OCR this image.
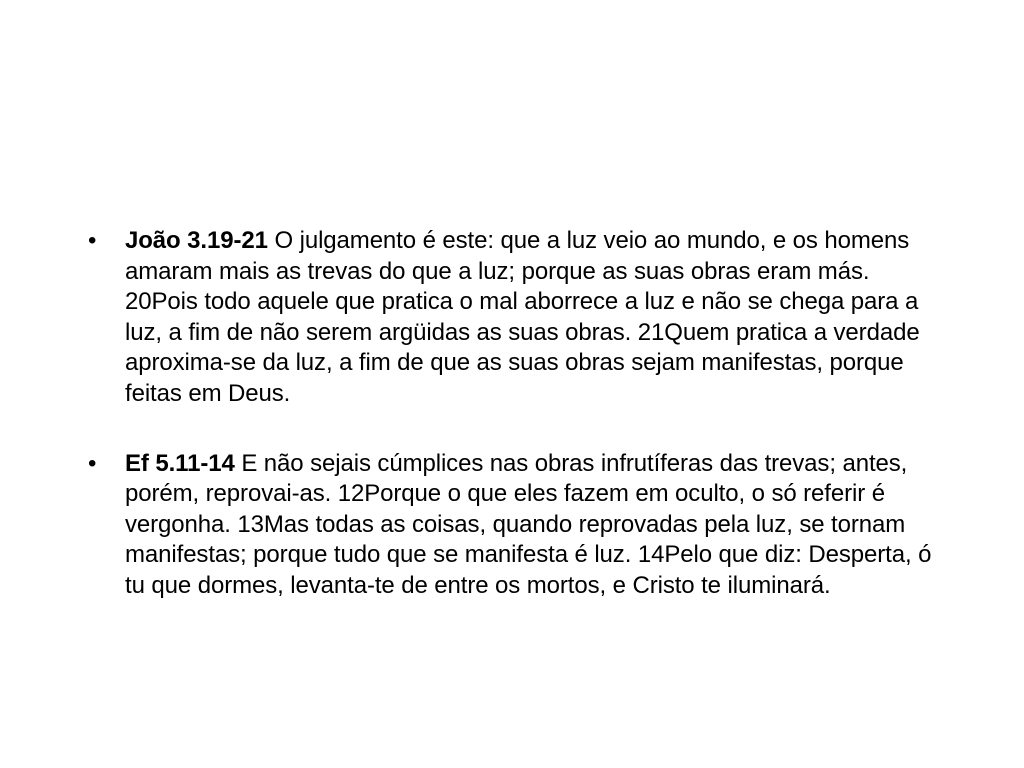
•	João 3.19-21 O julgamento é este: que a luz veio ao mundo, e os homens amaram mais as trevas do que a luz; porque as suas obras eram más. 20Pois todo aquele que pratica o mal aborrece a luz e não se chega para a luz, a fim de não serem argüidas as suas obras. 21Quem pratica a verdade aproxima-se da luz, a fim de que as suas obras sejam manifestas, porque feitas em Deus.
•	Ef 5.11-14 E não sejais cúmplices nas obras infrutíferas das trevas; antes, porém, reprovai-as. 12Porque o que eles fazem em oculto, o só referir é vergonha. 13Mas todas as coisas, quando reprovadas pela luz, se tornam manifestas; porque tudo que se manifesta é luz. 14Pelo que diz: Desperta, ó tu que dormes, levanta-te de entre os mortos, e Cristo te iluminará.
